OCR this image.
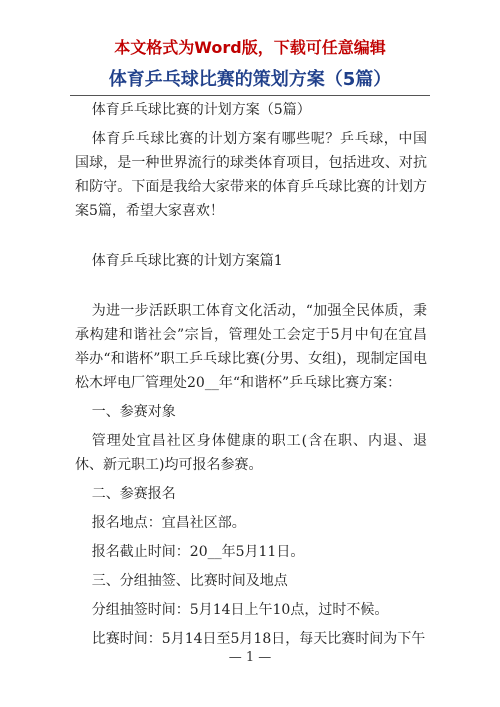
本文格式为Word版，下载可任意编辑
体育乒乓球比赛的策划方案（5篇）

体育乒乓球比赛的计划方案（5篇）

体育乒乓球比赛的计划方案有哪些呢？乒乓球，中国国球，是一种世界流行的球类体育项目，包括进攻、对抗和防守。下面是我给大家带来的体育乒乓球比赛的计划方案5篇，希望大家喜欢！

体育乒乓球比赛的计划方案篇1

为进一步活跃职工体育文化活动，“加强全民体质，秉承构建和谐社会”宗旨，管理处工会定于5月中旬在宜昌举办“和谐杯”职工乒乓球比赛(分男、女组)，现制定国电松木坪电厂管理处20__年“和谐杯”乒乓球比赛方案：

一、参赛对象

管理处宜昌社区身体健康的职工(含在职、内退、退休、新元职工)均可报名参赛。

二、参赛报名

报名地点：宜昌社区部。

报名截止时间：20__年5月11日。

三、分组抽签、比赛时间及地点

分组抽签时间：5月14日上午10点，过时不候。

比赛时间：5月14日至5月18日，每天比赛时间为下午

— 1 —
